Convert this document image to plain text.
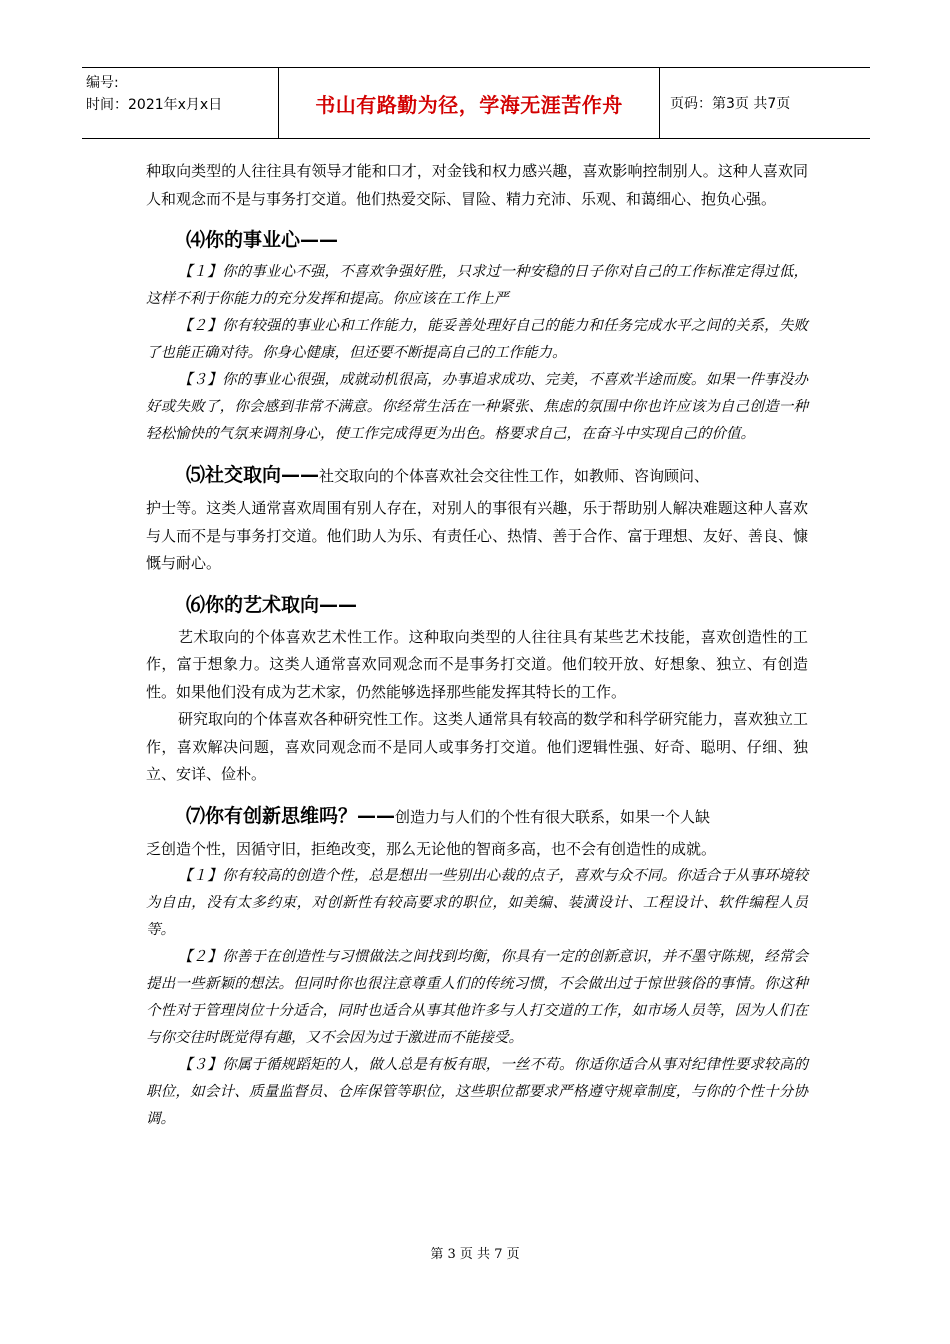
编号:
时间：2021年x月x日	书山有路勤为径，学海无涯苦作舟	页码：第3页 共7页

种取向类型的人往往具有领导才能和口才，对金钱和权力感兴趣，喜欢影响控制别人。这种人喜欢同人和观念而不是与事务打交道。他们热爱交际、冒险、精力充沛、乐观、和蔼细心、抱负心强。

⑷你的事业心——

【１】你的事业心不强，不喜欢争强好胜，只求过一种安稳的日子你对自己的工作标准定得过低，这样不利于你能力的充分发挥和提高。你应该在工作上严

【２】你有较强的事业心和工作能力，能妥善处理好自己的能力和任务完成水平之间的关系，失败了也能正确对待。你身心健康，但还要不断提高自己的工作能力。

【３】你的事业心很强，成就动机很高，办事追求成功、完美，不喜欢半途而废。如果一件事没办好或失败了，你会感到非常不满意。你经常生活在一种紧张、焦虑的氛围中你也许应该为自己创造一种轻松愉快的气氛来调剂身心，使工作完成得更为出色。格要求自己，在奋斗中实现自己的价值。

⑸社交取向——社交取向的个体喜欢社会交往性工作，如教师、咨询顾问、

护士等。这类人通常喜欢周围有别人存在，对别人的事很有兴趣，乐于帮助别人解决难题这种人喜欢与人而不是与事务打交道。他们助人为乐、有责任心、热情、善于合作、富于理想、友好、善良、慷慨与耐心。

⑹你的艺术取向——

艺术取向的个体喜欢艺术性工作。这种取向类型的人往往具有某些艺术技能，喜欢创造性的工作，富于想象力。这类人通常喜欢同观念而不是事务打交道。他们较开放、好想象、独立、有创造性。如果他们没有成为艺术家，仍然能够选择那些能发挥其特长的工作。

研究取向的个体喜欢各种研究性工作。这类人通常具有较高的数学和科学研究能力，喜欢独立工作，喜欢解决问题，喜欢同观念而不是同人或事务打交道。他们逻辑性强、好奇、聪明、仔细、独立、安详、俭朴。

⑺你有创新思维吗？——创造力与人们的个性有很大联系，如果一个人缺

乏创造个性，因循守旧，拒绝改变，那么无论他的智商多高，也不会有创造性的成就。

【１】你有较高的创造个性，总是想出一些别出心裁的点子，喜欢与众不同。你适合于从事环境较为自由，没有太多约束，对创新性有较高要求的职位，如美编、装潢设计、工程设计、软件编程人员等。

【２】你善于在创造性与习惯做法之间找到均衡，你具有一定的创新意识，并不墨守陈规，经常会提出一些新颖的想法。但同时你也很注意尊重人们的传统习惯，不会做出过于惊世骇俗的事情。你这种个性对于管理岗位十分适合，同时也适合从事其他许多与人打交道的工作，如市场人员等，因为人们在与你交往时既觉得有趣，又不会因为过于激进而不能接受。

【３】你属于循规蹈矩的人，做人总是有板有眼，一丝不苟。你适你适合从事对纪律性要求较高的职位，如会计、质量监督员、仓库保管等职位，这些职位都要求严格遵守规章制度，与你的个性十分协调。

第 3 页 共 7 页
